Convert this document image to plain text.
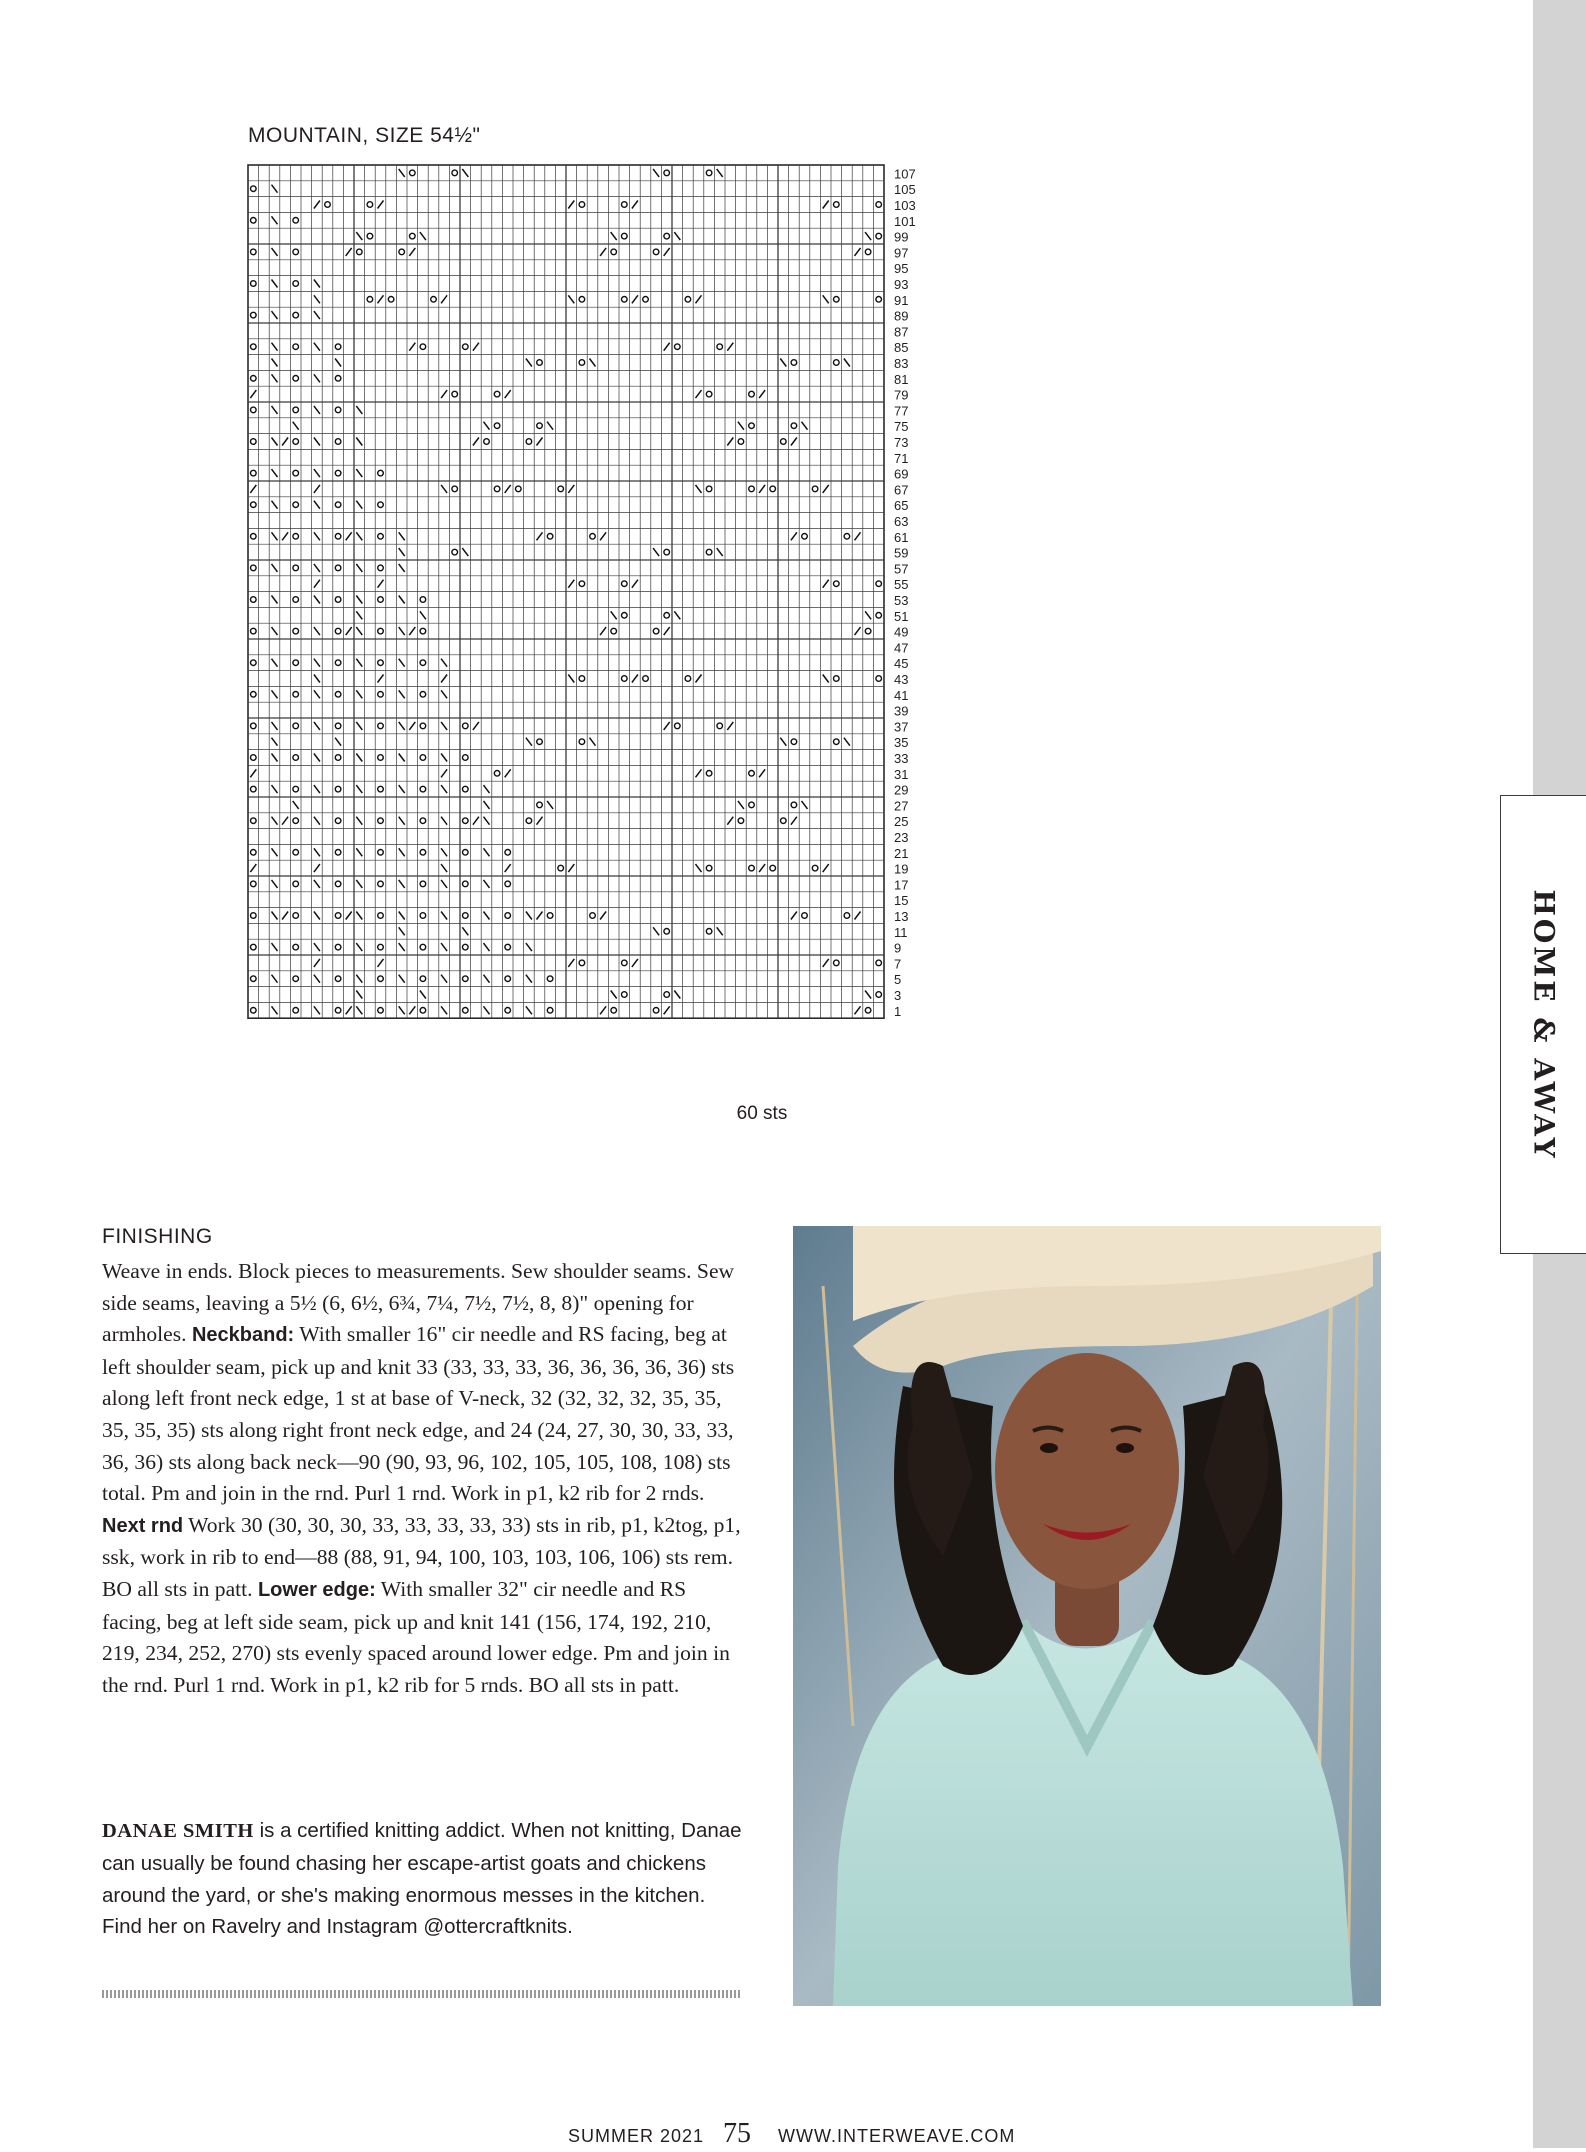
HOME & AWAY
MOUNTAIN, SIZE 54½"
107
105
103
101
99
97
95
93
91
89
87
85
83
81
79
77
75
73
71
69
67
65
63
61
59
57
55
53
51
49
47
45
43
41
39
37
35
33
31
29
27
25
23
21
19
17
15
13
11
9
7
5
3
1
60 sts
FINISHING
Weave in ends. Block pieces to measurements. Sew shoulder seams. Sew side seams, leaving a 5½ (6, 6½, 6¾, 7¼, 7½, 7½, 8, 8)" opening for armholes. Neckband: With smaller 16" cir needle and RS facing, beg at left shoulder seam, pick up and knit 33 (33, 33, 33, 36, 36, 36, 36, 36) sts along left front neck edge, 1 st at base of V-neck, 32 (32, 32, 32, 35, 35, 35, 35, 35) sts along right front neck edge, and 24 (24, 27, 30, 30, 33, 33, 36, 36) sts along back neck—90 (90, 93, 96, 102, 105, 105, 108, 108) sts total. Pm and join in the rnd. Purl 1 rnd. Work in p1, k2 rib for 2 rnds. Next rnd Work 30 (30, 30, 30, 33, 33, 33, 33, 33) sts in rib, p1, k2tog, p1, ssk, work in rib to end—88 (88, 91, 94, 100, 103, 103, 106, 106) sts rem. BO all sts in patt. Lower edge: With smaller 32" cir needle and RS facing, beg at left side seam, pick up and knit 141 (156, 174, 192, 210, 219, 234, 252, 270) sts evenly spaced around lower edge. Pm and join in the rnd. Purl 1 rnd. Work in p1, k2 rib for 5 rnds. BO all sts in patt.
DANAE SMITH is a certified knitting addict. When not knitting, Danae can usually be found chasing her escape-artist goats and chickens around the yard, or she's making enormous messes in the kitchen. Find her on Ravelry and Instagram @ottercraftknits.
SUMMER 2021 75 WWW.INTERWEAVE.COM
